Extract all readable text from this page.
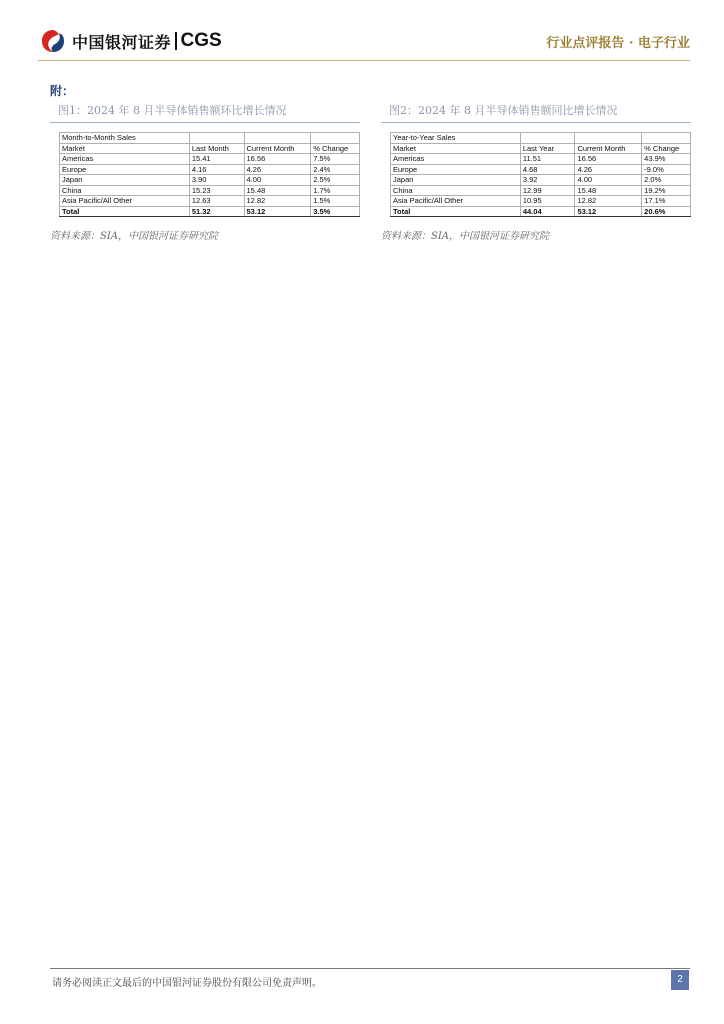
中国银河证券 CGS	行业点评报告 · 电子行业
附：
图1：2024 年 8 月半导体销售额环比增长情况
Month-to-Month Sales			
Market	Last Month	Current Month	% Change
Americas	15.41	16.56	7.5%
Europe	4.16	4.26	2.4%
Japan	3.90	4.00	2.5%
China	15.23	15.48	1.7%
Asia Pacific/All Other	12.63	12.82	1.5%
Total	51.32	53.12	3.5%
资料来源：SIA，中国银河证券研究院
图2：2024 年 8 月半导体销售额同比增长情况
Year-to-Year Sales			
Market	Last Year	Current Month	% Change
Americas	11.51	16.56	43.9%
Europe	4.68	4.26	-9.0%
Japan	3.92	4.00	2.0%
China	12.99	15.48	19.2%
Asia Pacific/All Other	10.95	12.82	17.1%
Total	44.04	53.12	20.6%
资料来源：SIA，中国银河证券研究院
请务必阅读正文最后的中国银河证券股份有限公司免责声明。	2
